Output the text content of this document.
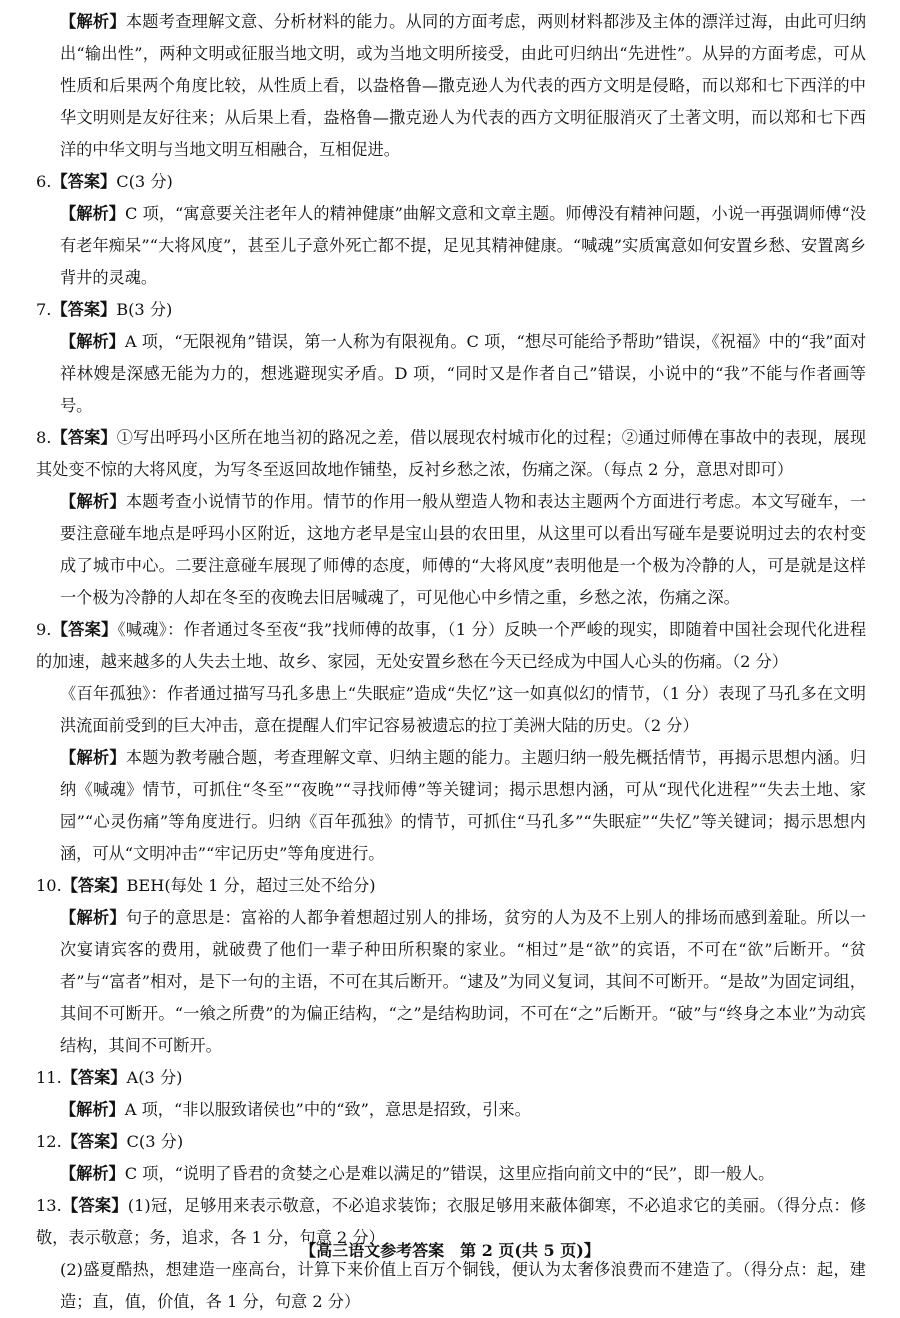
【解析】本题考查理解文意、分析材料的能力。从同的方面考虑，两则材料都涉及主体的漂洋过海，由此可归纳出“输出性”，两种文明或征服当地文明，或为当地文明所接受，由此可归纳出“先进性”。从异的方面考虑，可从性质和后果两个角度比较，从性质上看，以盎格鲁—撒克逊人为代表的西方文明是侵略，而以郑和七下西洋的中华文明则是友好往来；从后果上看，盎格鲁—撒克逊人为代表的西方文明征服消灭了土著文明，而以郑和七下西洋的中华文明与当地文明互相融合，互相促进。

6.【答案】C(3 分)

【解析】C 项，“寓意要关注老年人的精神健康”曲解文意和文章主题。师傅没有精神问题，小说一再强调师傅“没有老年痴呆”“大将风度”，甚至儿子意外死亡都不提，足见其精神健康。“喊魂”实质寓意如何安置乡愁、安置离乡背井的灵魂。

7.【答案】B(3 分)

【解析】A 项，“无限视角”错误，第一人称为有限视角。C 项，“想尽可能给予帮助”错误，《祝福》中的“我”面对祥林嫂是深感无能为力的，想逃避现实矛盾。D 项，“同时又是作者自己”错误，小说中的“我”不能与作者画等号。

8.【答案】①写出呼玛小区所在地当初的路况之差，借以展现农村城市化的过程；②通过师傅在事故中的表现，展现其处变不惊的大将风度，为写冬至返回故地作铺垫，反衬乡愁之浓，伤痛之深。（每点 2 分，意思对即可）

【解析】本题考查小说情节的作用。情节的作用一般从塑造人物和表达主题两个方面进行考虑。本文写碰车，一要注意碰车地点是呼玛小区附近，这地方老早是宝山县的农田里，从这里可以看出写碰车是要说明过去的农村变成了城市中心。二要注意碰车展现了师傅的态度，师傅的“大将风度”表明他是一个极为冷静的人，可是就是这样一个极为冷静的人却在冬至的夜晚去旧居喊魂了，可见他心中乡情之重，乡愁之浓，伤痛之深。

9.【答案】《喊魂》：作者通过冬至夜“我”找师傅的故事，（1 分）反映一个严峻的现实，即随着中国社会现代化进程的加速，越来越多的人失去土地、故乡、家园，无处安置乡愁在今天已经成为中国人心头的伤痛。（2 分）

《百年孤独》：作者通过描写马孔多患上“失眠症”造成“失忆”这一如真似幻的情节，（1 分）表现了马孔多在文明洪流面前受到的巨大冲击，意在提醒人们牢记容易被遗忘的拉丁美洲大陆的历史。（2 分）

【解析】本题为教考融合题，考查理解文章、归纳主题的能力。主题归纳一般先概括情节，再揭示思想内涵。归纳《喊魂》情节，可抓住“冬至”“夜晚”“寻找师傅”等关键词；揭示思想内涵，可从“现代化进程”“失去土地、家园”“心灵伤痛”等角度进行。归纳《百年孤独》的情节，可抓住“马孔多”“失眠症”“失忆”等关键词；揭示思想内涵，可从“文明冲击”“牢记历史”等角度进行。

10.【答案】BEH(每处 1 分，超过三处不给分)

【解析】句子的意思是：富裕的人都争着想超过别人的排场，贫穷的人为及不上别人的排场而感到羞耻。所以一次宴请宾客的费用，就破费了他们一辈子种田所积聚的家业。“相过”是“欲”的宾语，不可在“欲”后断开。“贫者”与“富者”相对，是下一句的主语，不可在其后断开。“逮及”为同义复词，其间不可断开。“是故”为固定词组，其间不可断开。“一飨之所费”的为偏正结构，“之”是结构助词，不可在“之”后断开。“破”与“终身之本业”为动宾结构，其间不可断开。

11.【答案】A(3 分)

【解析】A 项，“非以服致诸侯也”中的“致”，意思是招致，引来。

12.【答案】C(3 分)

【解析】C 项，“说明了昏君的贪婪之心是难以满足的”错误，这里应指向前文中的“民”，即一般人。

13.【答案】(1)冠，足够用来表示敬意，不必追求装饰；衣服足够用来蔽体御寒，不必追求它的美丽。（得分点：修敬，表示敬意；务，追求，各 1 分，句意 2 分）

(2)盛夏酷热，想建造一座高台，计算下来价值上百万个铜钱，便认为太奢侈浪费而不建造了。（得分点：起，建造；直，值，价值，各 1 分，句意 2 分）

【高三语文参考答案　第 2 页(共 5 页)】
